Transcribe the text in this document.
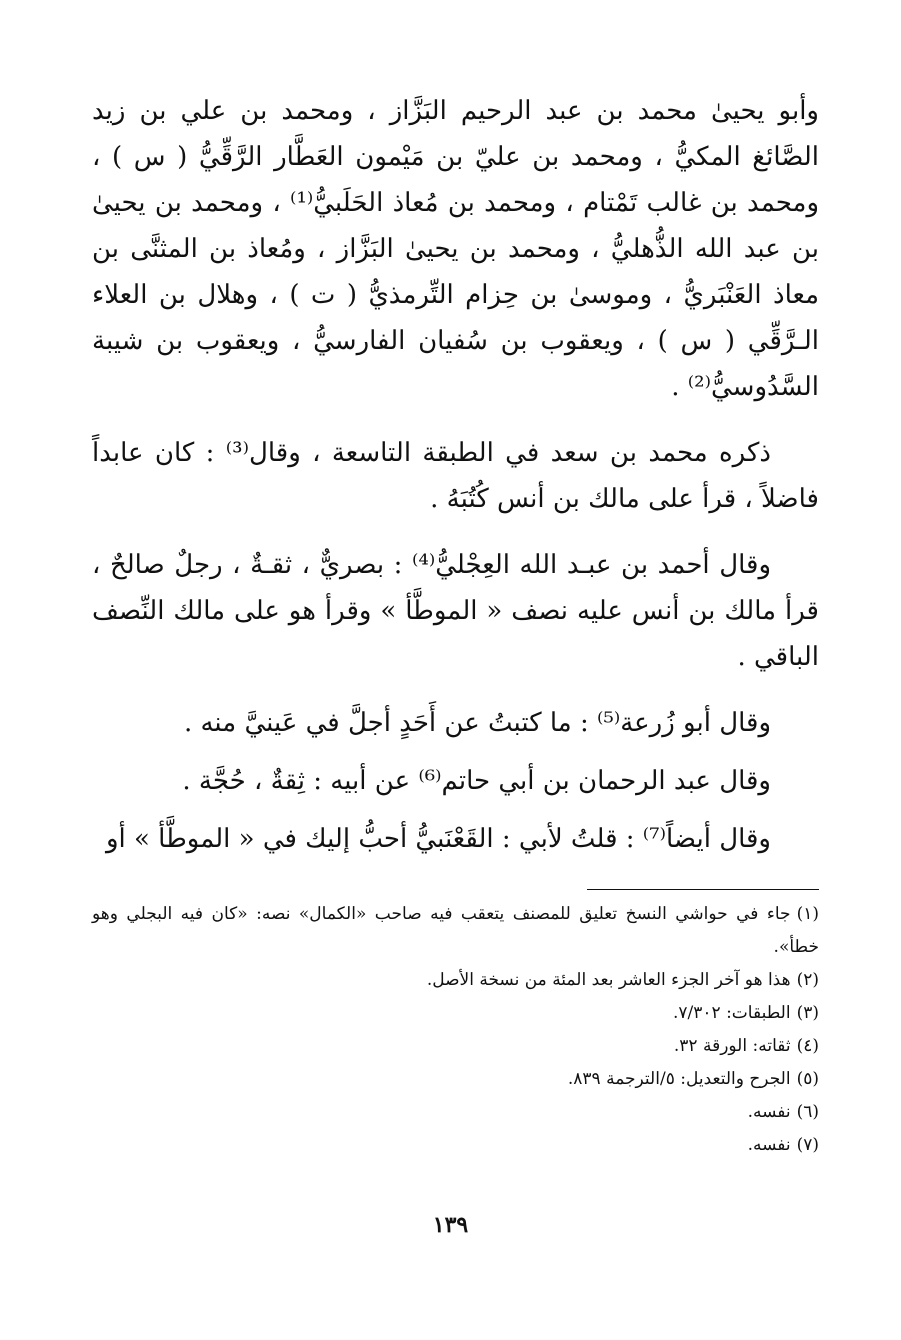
وأبو يحيىٰ محمد بن عبد الرحيم البَزَّاز ، ومحمد بن علي بن زيد الصَّائغ المكيُّ ، ومحمد بن عليّ بن مَيْمون العَطَّار الرَّقِّيُّ ( س ) ، ومحمد بن غالب تَمْتام ، ومحمد بن مُعاذ الحَلَبيُّ⁽¹⁾ ، ومحمد بن يحيىٰ بن عبد الله الذُّهليُّ ، ومحمد بن يحيىٰ البَزَّاز ، ومُعاذ بن المثنَّى بن معاذ العَنْبَريُّ ، وموسىٰ بن حِزام التِّرمذيُّ ( ت ) ، وهلال بن العلاء الـرَّقِّي ( س ) ، ويعقوب بن سُفيان الفارسيُّ ، ويعقوب بن شيبة السَّدُوسيُّ⁽²⁾ .

ذكره محمد بن سعد في الطبقة التاسعة ، وقال⁽³⁾ : كان عابداً فاضلاً ، قرأ على مالك بن أنس كُتُبَهُ .

وقال أحمد بن عبـد الله العِجْليُّ⁽⁴⁾ : بصريٌّ ، ثقـةٌ ، رجلٌ صالحٌ ، قرأ مالك بن أنس عليه نصف « الموطَّأ » وقرأ هو على مالك النِّصف الباقي .

وقال أبو زُرعة⁽⁵⁾ : ما كتبتُ عن أَحَدٍ أجلَّ في عَينيَّ منه .

وقال عبد الرحمان بن أبي حاتم⁽⁶⁾ عن أبيه : ثِقةٌ ، حُجَّة .

وقال أيضاً⁽⁷⁾ : قلتُ لأبي : القَعْنَبيُّ أحبُّ إليك في « الموطَّأ » أو

(١)جاء في حواشي النسخ تعليق للمصنف يتعقب فيه صاحب «الكمال» نصه: «كان فيه البجلي وهو خطأ».

(٢)هذا هو آخر الجزء العاشر بعد المئة من نسخة الأصل.

(٣)الطبقات: ٧/٣٠٢.

(٤)ثقاته: الورقة ٣٢.

(٥)الجرح والتعديل: ٥/الترجمة ٨٣٩.

(٦)نفسه.

(٧)نفسه.

١٣٩
